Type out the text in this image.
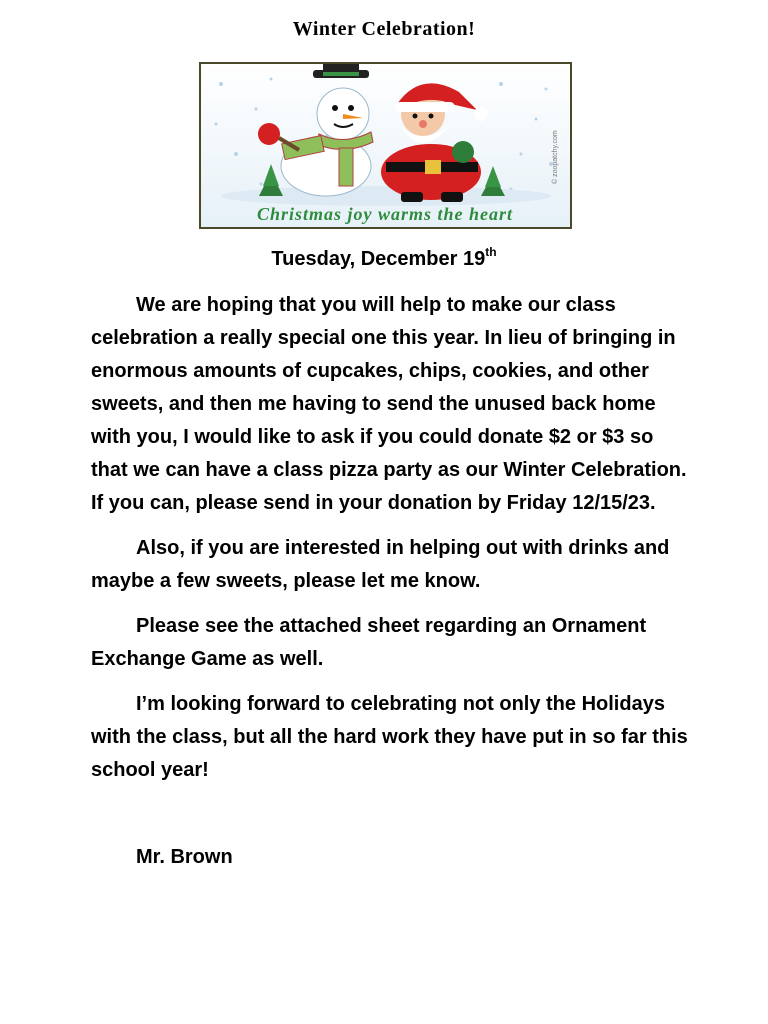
Winter Celebration!
© zoopatchy.com
Christmas joy warms the heart
Tuesday, December 19th

We are hoping that you will help to make our class celebration a really special one this year. In lieu of bringing in enormous amounts of cupcakes, chips, cookies, and other sweets, and then me having to send the unused back home with you, I would like to ask if you could donate $2 or $3 so that we can have a class pizza party as our Winter Celebration. If you can, please send in your donation by Friday 12/15/23.

Also, if you are interested in helping out with drinks and maybe a few sweets, please let me know.

Please see the attached sheet regarding an Ornament Exchange Game as well.

I’m looking forward to celebrating not only the Holidays with the class, but all the hard work they have put in so far this school year!

Mr. Brown
